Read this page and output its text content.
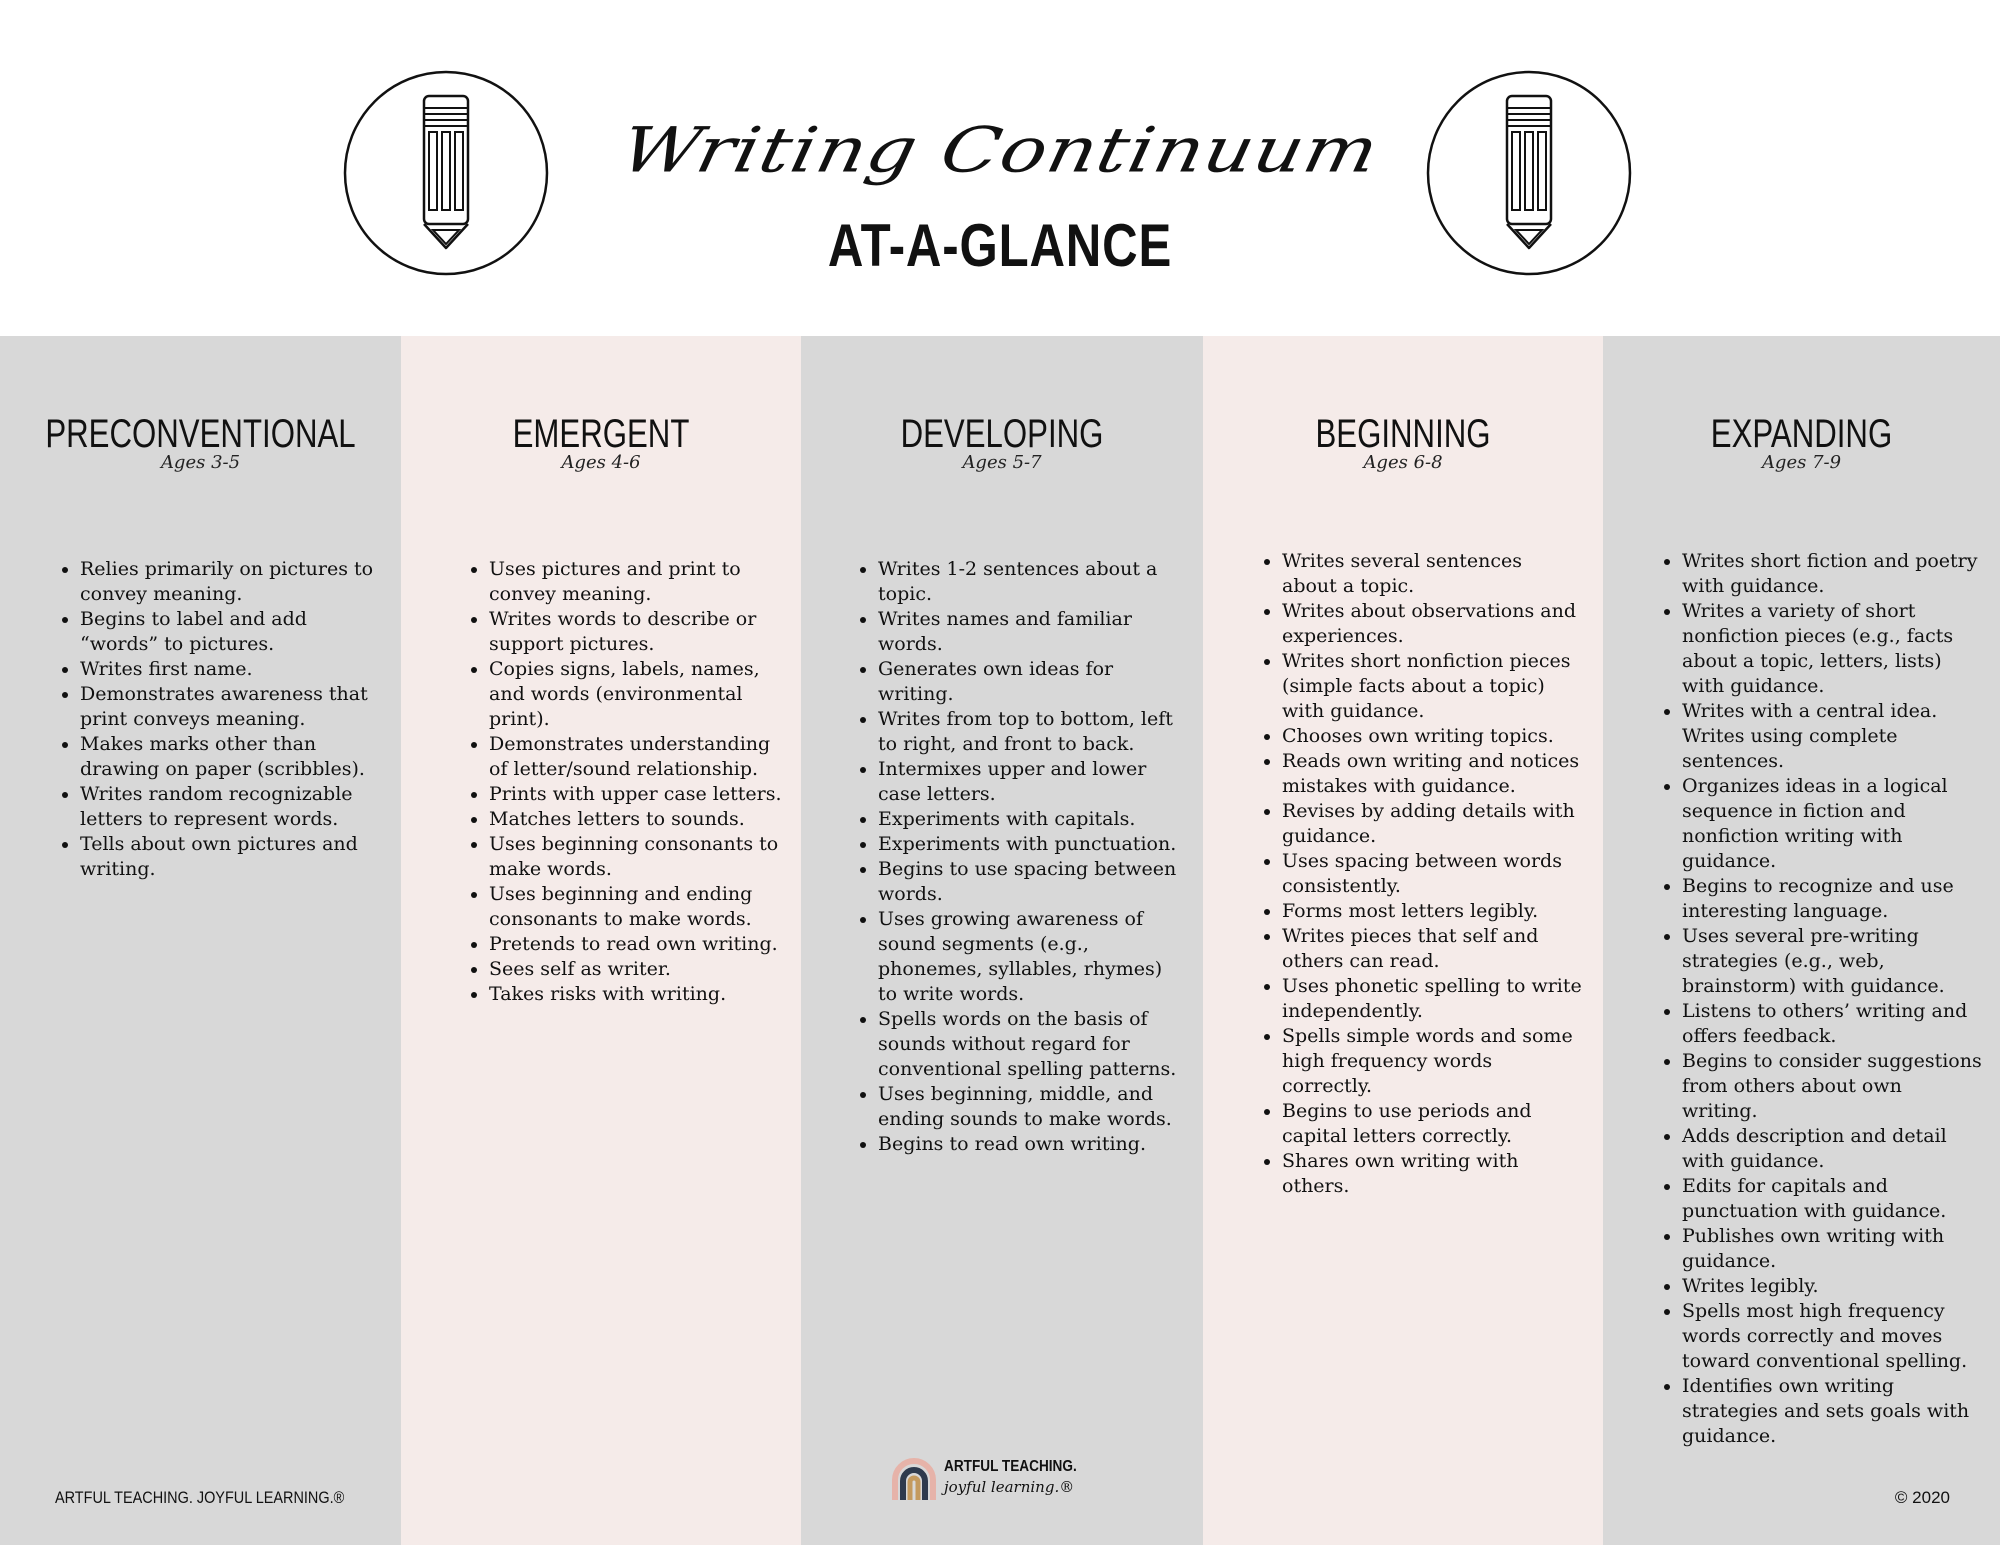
Writing Continuum
AT-A-GLANCE
PRECONVENTIONAL
Ages 3-5
• Relies primarily on pictures to convey meaning.
• Begins to label and add “words” to pictures.
• Writes first name.
• Demonstrates awareness that print conveys meaning.
• Makes marks other than drawing on paper (scribbles).
• Writes random recognizable letters to represent words.
• Tells about own pictures and writing.
EMERGENT
Ages 4-6
• Uses pictures and print to convey meaning.
• Writes words to describe or support pictures.
• Copies signs, labels, names, and words (environmental print).
• Demonstrates understanding of letter/sound relationship.
• Prints with upper case letters.
• Matches letters to sounds.
• Uses beginning consonants to make words.
• Uses beginning and ending consonants to make words.
• Pretends to read own writing.
• Sees self as writer.
• Takes risks with writing.
DEVELOPING
Ages 5-7
• Writes 1-2 sentences about a topic.
• Writes names and familiar words.
• Generates own ideas for writing.
• Writes from top to bottom, left to right, and front to back.
• Intermixes upper and lower case letters.
• Experiments with capitals.
• Experiments with punctuation.
• Begins to use spacing between words.
• Uses growing awareness of sound segments (e.g., phonemes, syllables, rhymes) to write words.
• Spells words on the basis of sounds without regard for conventional spelling patterns.
• Uses beginning, middle, and ending sounds to make words.
• Begins to read own writing.
BEGINNING
Ages 6-8
• Writes several sentences about a topic.
• Writes about observations and experiences.
• Writes short nonfiction pieces (simple facts about a topic) with guidance.
• Chooses own writing topics.
• Reads own writing and notices mistakes with guidance.
• Revises by adding details with guidance.
• Uses spacing between words consistently.
• Forms most letters legibly.
• Writes pieces that self and others can read.
• Uses phonetic spelling to write independently.
• Spells simple words and some high frequency words correctly.
• Begins to use periods and capital letters correctly.
• Shares own writing with others.
EXPANDING
Ages 7-9
• Writes short fiction and poetry with guidance.
• Writes a variety of short nonfiction pieces (e.g., facts about a topic, letters, lists) with guidance.
• Writes with a central idea. Writes using complete sentences.
• Organizes ideas in a logical sequence in fiction and nonfiction writing with guidance.
• Begins to recognize and use interesting language.
• Uses several pre-writing strategies (e.g., web, brainstorm) with guidance.
• Listens to others’ writing and offers feedback.
• Begins to consider suggestions from others about own writing.
• Adds description and detail with guidance.
• Edits for capitals and punctuation with guidance.
• Publishes own writing with guidance.
• Writes legibly.
• Spells most high frequency words correctly and moves toward conventional spelling.
• Identifies own writing strategies and sets goals with guidance.
ARTFUL TEACHING. JOYFUL LEARNING.®
ARTFUL TEACHING.
joyful learning.®
© 2020
